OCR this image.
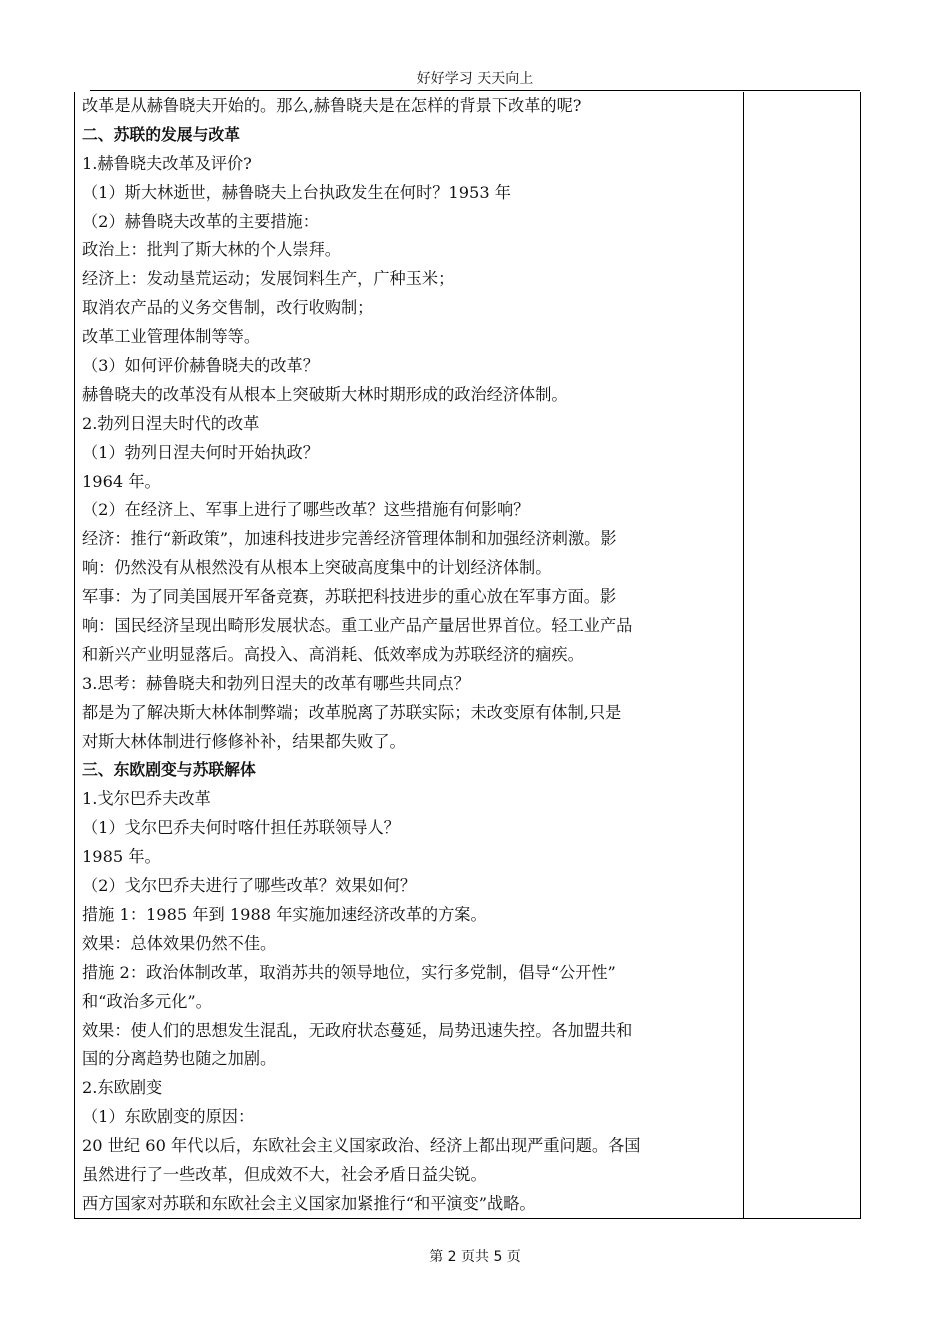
好好学习 天天向上
改革是从赫鲁晓夫开始的。那么,赫鲁晓夫是在怎样的背景下改革的呢?
二、苏联的发展与改革
1.赫鲁晓夫改革及评价?
（1）斯大林逝世，赫鲁晓夫上台执政发生在何时？1953 年
（2）赫鲁晓夫改革的主要措施：
政治上：批判了斯大林的个人崇拜。
经济上：发动垦荒运动；发展饲料生产，广种玉米；
取消农产品的义务交售制，改行收购制；
改革工业管理体制等等。
（3）如何评价赫鲁晓夫的改革？
赫鲁晓夫的改革没有从根本上突破斯大林时期形成的政治经济体制。
2.勃列日涅夫时代的改革
（1）勃列日涅夫何时开始执政？
1964 年。
（2）在经济上、军事上进行了哪些改革？这些措施有何影响？
经济：推行“新政策”，加速科技进步完善经济管理体制和加强经济刺激。影
响：仍然没有从根然没有从根本上突破高度集中的计划经济体制。
军事：为了同美国展开军备竞赛，苏联把科技进步的重心放在军事方面。影
响：国民经济呈现出畸形发展状态。重工业产品产量居世界首位。轻工业产品
和新兴产业明显落后。高投入、高消耗、低效率成为苏联经济的痼疾。
3.思考：赫鲁晓夫和勃列日涅夫的改革有哪些共同点？
都是为了解决斯大林体制弊端；改革脱离了苏联实际；未改变原有体制,只是
对斯大林体制进行修修补补，结果都失败了。
三、东欧剧变与苏联解体
1.戈尔巴乔夫改革
（1）戈尔巴乔夫何时喀什担任苏联领导人？
1985 年。
（2）戈尔巴乔夫进行了哪些改革？效果如何？
措施 1：1985 年到 1988 年实施加速经济改革的方案。
效果：总体效果仍然不佳。
措施 2：政治体制改革，取消苏共的领导地位，实行多党制，倡导“公开性”
和“政治多元化”。
效果：使人们的思想发生混乱，无政府状态蔓延，局势迅速失控。各加盟共和
国的分离趋势也随之加剧。
2.东欧剧变
（1）东欧剧变的原因：
20 世纪 60 年代以后，东欧社会主义国家政治、经济上都出现严重问题。各国
虽然进行了一些改革，但成效不大，社会矛盾日益尖锐。
西方国家对苏联和东欧社会主义国家加紧推行“和平演变”战略。
第 2 页共 5 页
